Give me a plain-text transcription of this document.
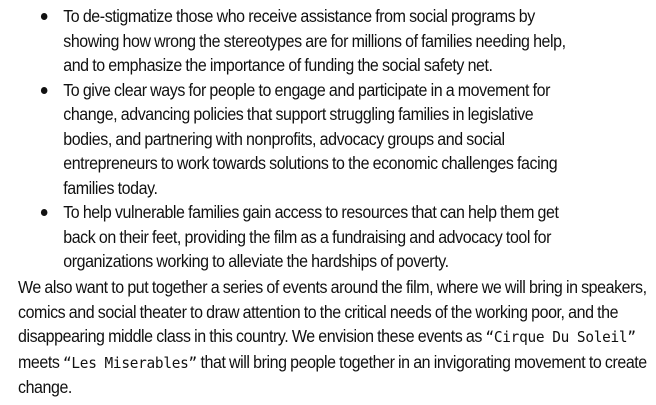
To de-stigmatize those who receive assistance from social programs by showing how wrong the stereotypes are for millions of families needing help, and to emphasize the importance of funding the social safety net.
To give clear ways for people to engage and participate in a movement for change, advancing policies that support struggling families in legislative bodies, and partnering with nonprofits, advocacy groups and social entrepreneurs to work towards solutions to the economic challenges facing families today.
To help vulnerable families gain access to resources that can help them get back on their feet, providing the film as a fundraising and advocacy tool for organizations working to alleviate the hardships of poverty.

We also want to put together a series of events around the film, where we will bring in speakers, comics and social theater to draw attention to the critical needs of the working poor, and the disappearing middle class in this country. We envision these events as “Cirque Du Soleil” meets “Les Miserables” that will bring people together in an invigorating movement to create change.
